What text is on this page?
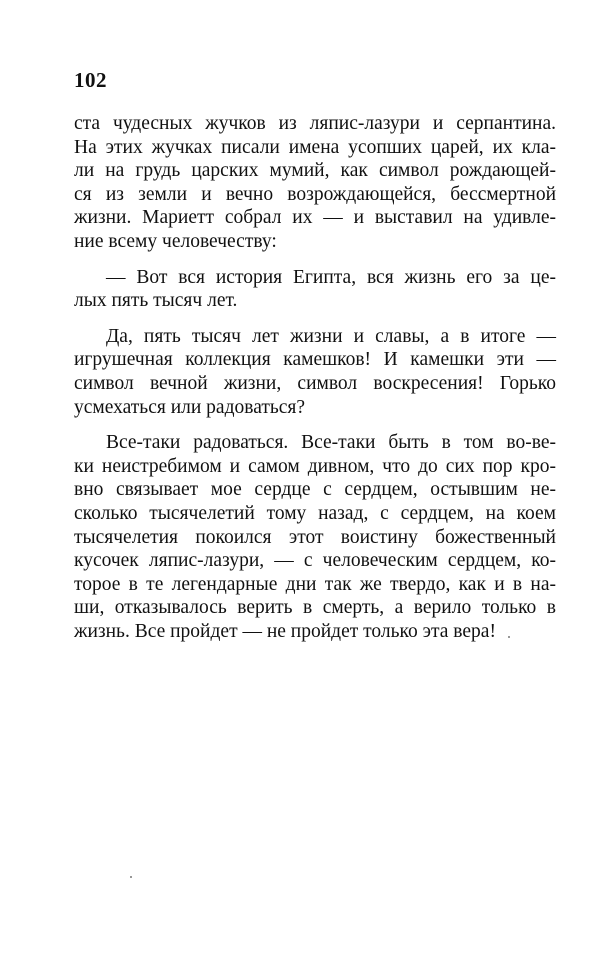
102
ста чудесных жучков из ляпис-лазури и серпантина.
На этих жучках писали имена усопших царей, их кла-
ли на грудь царских мумий, как символ рождающей-
ся из земли и вечно возрождающейся, бессмертной
жизни. Мариетт собрал их — и выставил на удивле-
ние всему человечеству:
— Вот вся история Египта, вся жизнь его за це-
лых пять тысяч лет.
Да, пять тысяч лет жизни и славы, а в итоге —
игрушечная коллекция камешков! И камешки эти —
символ вечной жизни, символ воскресения! Горько
усмехаться или радоваться?
Все-таки радоваться. Все-таки быть в том во-ве-
ки неистребимом и самом дивном, что до сих пор кро-
вно связывает мое сердце с сердцем, остывшим не-
сколько тысячелетий тому назад, с сердцем, на коем
тысячелетия покоился этот воистину божественный
кусочек ляпис-лазури, — с человеческим сердцем, ко-
торое в те легендарные дни так же твердо, как и в на-
ши, отказывалось верить в смерть, а верило только в
жизнь. Все пройдет — не пройдет только эта вера!
